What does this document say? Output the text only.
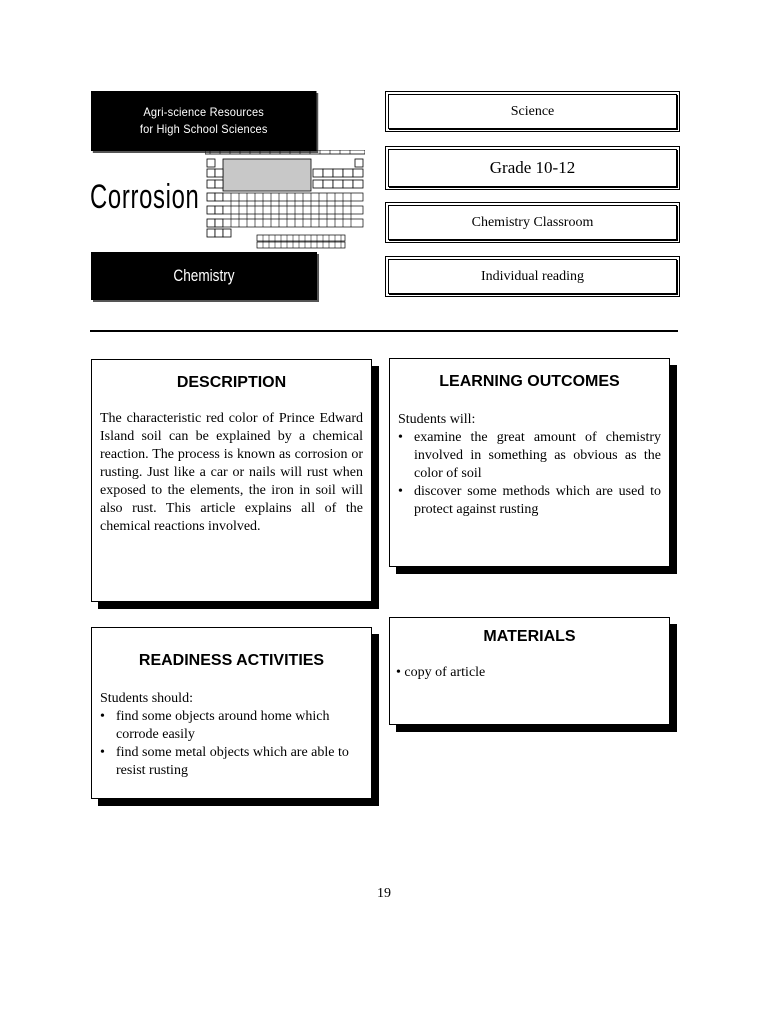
Agri-science Resources
for High School Sciences
Corrosion
Chemistry
Science
Grade 10-12
Chemistry Classroom
Individual reading
DESCRIPTION

The characteristic red color of Prince Edward Island soil can be explained by a chemical reaction. The process is known as corrosion or rusting. Just like a car or nails will rust when exposed to the elements, the iron in soil will also rust. This article explains all of the chemical reactions involved.

LEARNING OUTCOMES

Students will:

• examine the great amount of chemistry involved in something as obvious as the color of soil
• discover some methods which are used to protect against rusting
READINESS ACTIVITIES

Students should:

• find some objects around home which corrode easily
• find some metal objects which are able to resist rusting
MATERIALS

• copy of article

19
